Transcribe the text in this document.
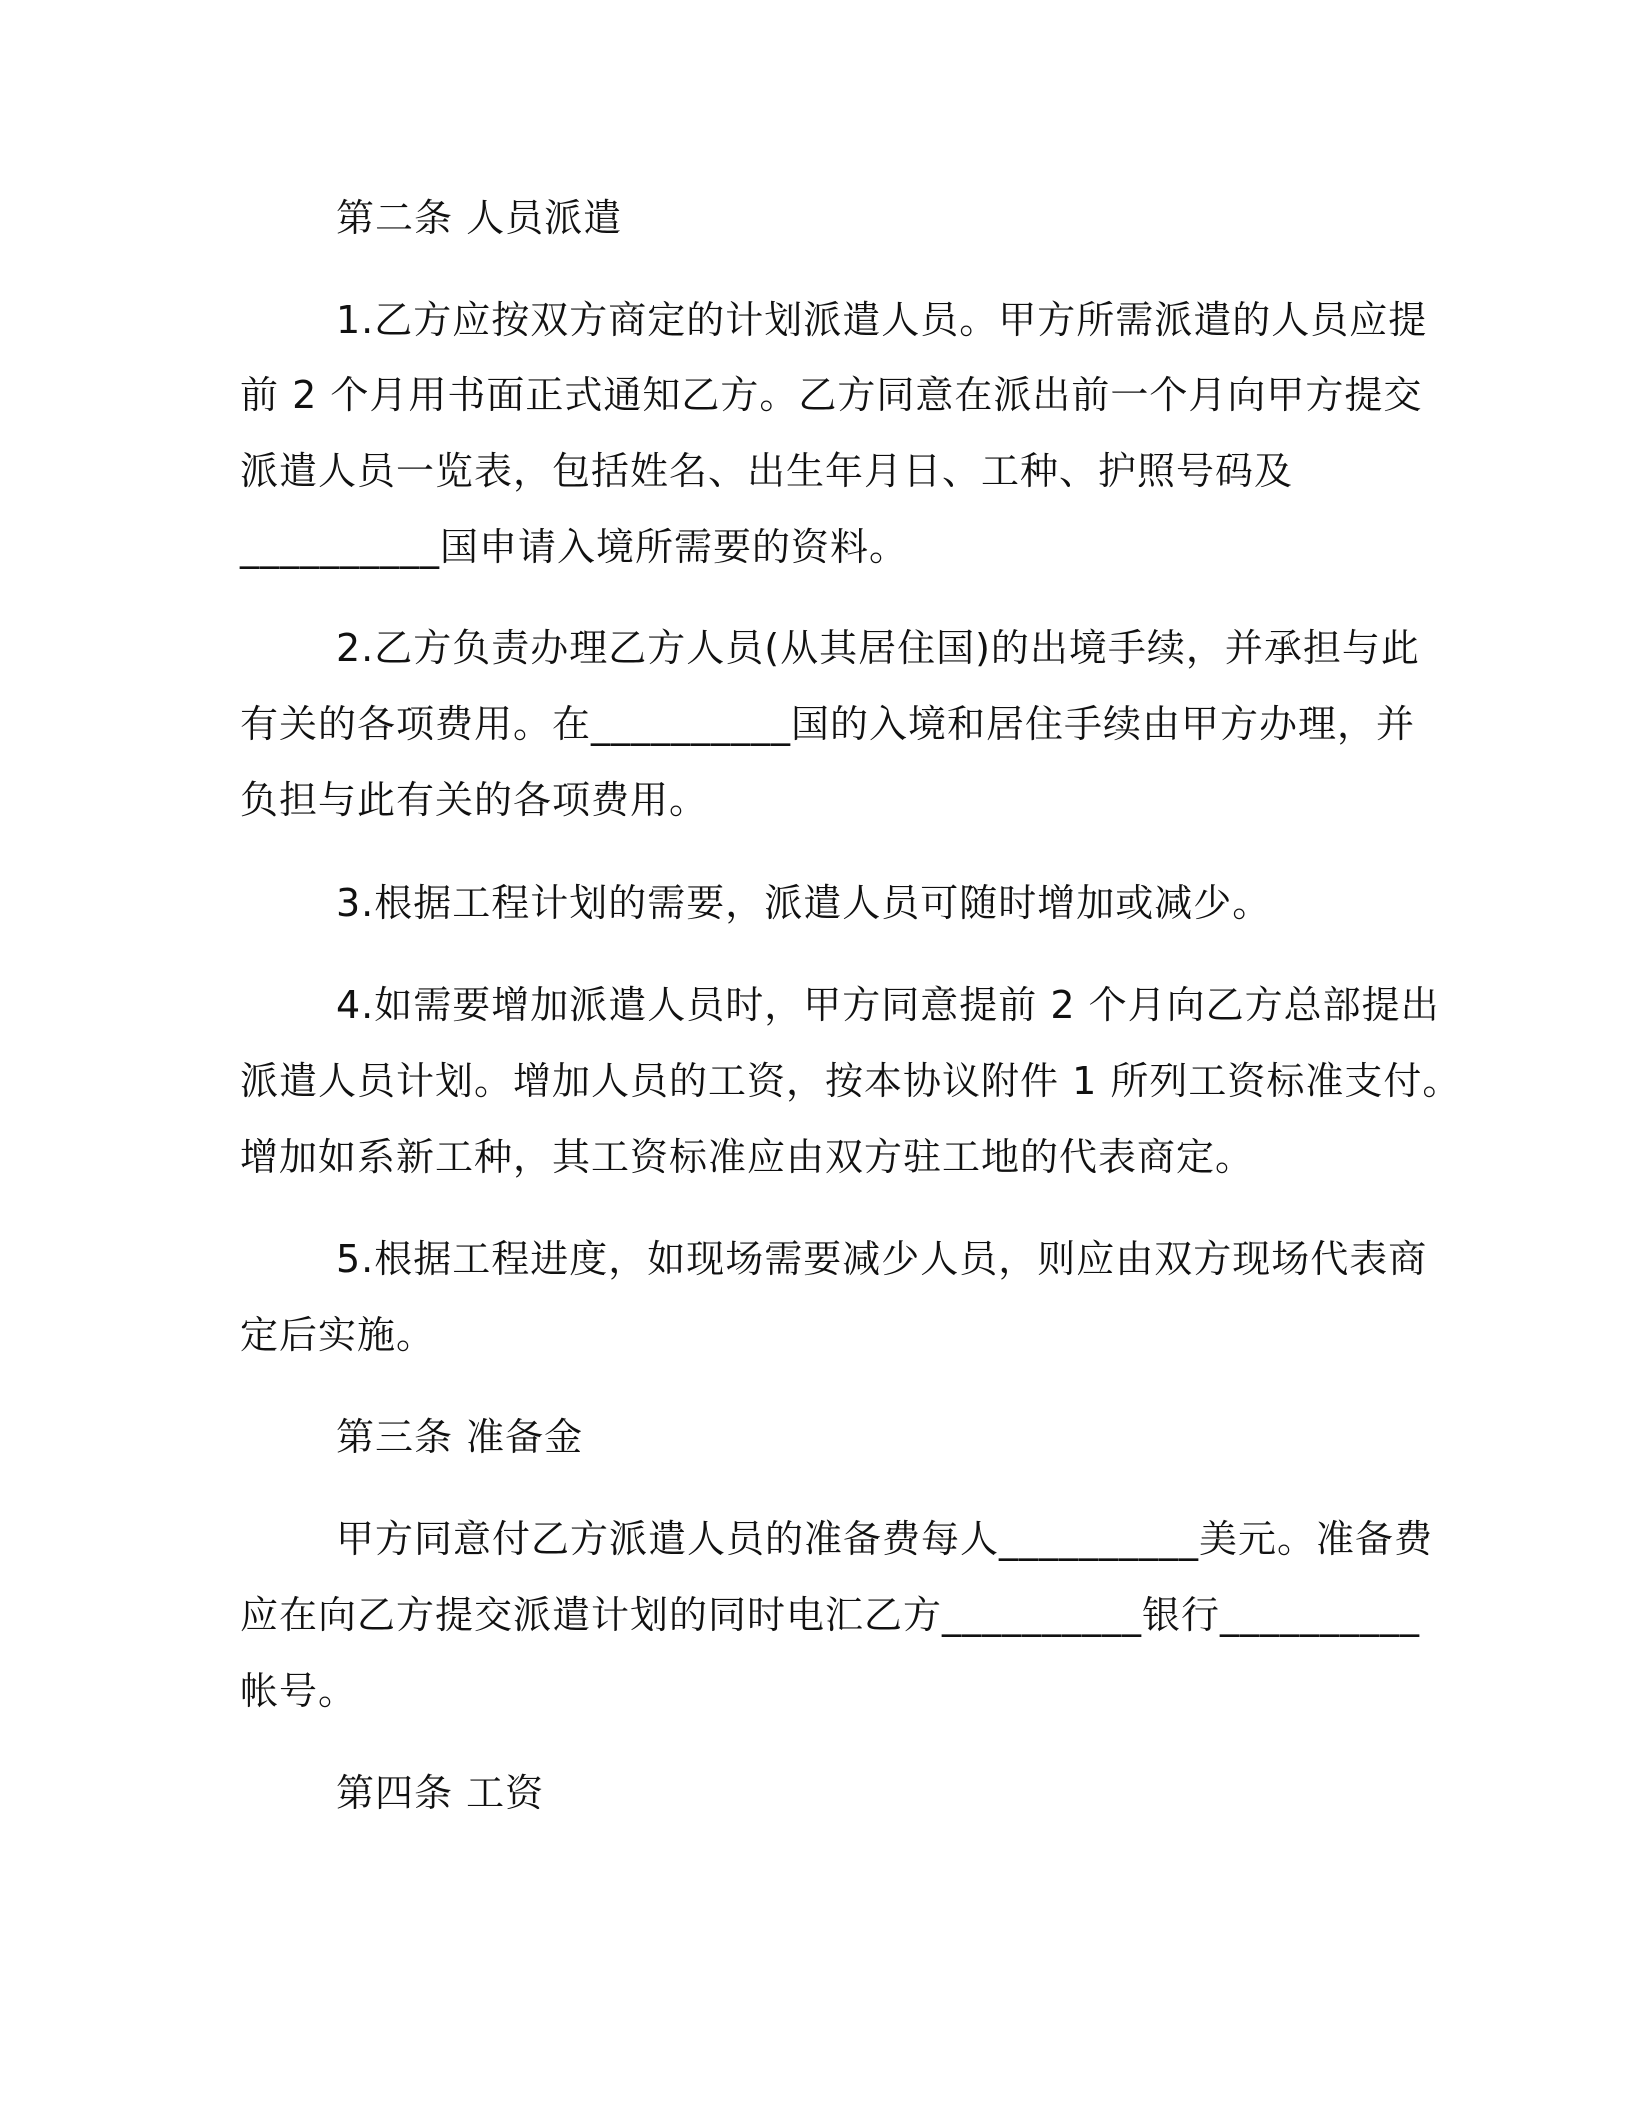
第二条 人员派遣
1.乙方应按双方商定的计划派遣人员。甲方所需派遣的人员应提
前 2 个月用书面正式通知乙方。乙方同意在派出前一个月向甲方提交
派遣人员一览表，包括姓名、出生年月日、工种、护照号码及
__________国申请入境所需要的资料。
2.乙方负责办理乙方人员(从其居住国)的出境手续，并承担与此
有关的各项费用。在__________国的入境和居住手续由甲方办理，并
负担与此有关的各项费用。
3.根据工程计划的需要，派遣人员可随时增加或减少。
4.如需要增加派遣人员时，甲方同意提前 2 个月向乙方总部提出
派遣人员计划。增加人员的工资，按本协议附件 1 所列工资标准支付。
增加如系新工种，其工资标准应由双方驻工地的代表商定。
5.根据工程进度，如现场需要减少人员，则应由双方现场代表商
定后实施。
第三条 准备金
甲方同意付乙方派遣人员的准备费每人__________美元。准备费
应在向乙方提交派遣计划的同时电汇乙方__________银行__________
帐号。
第四条 工资
